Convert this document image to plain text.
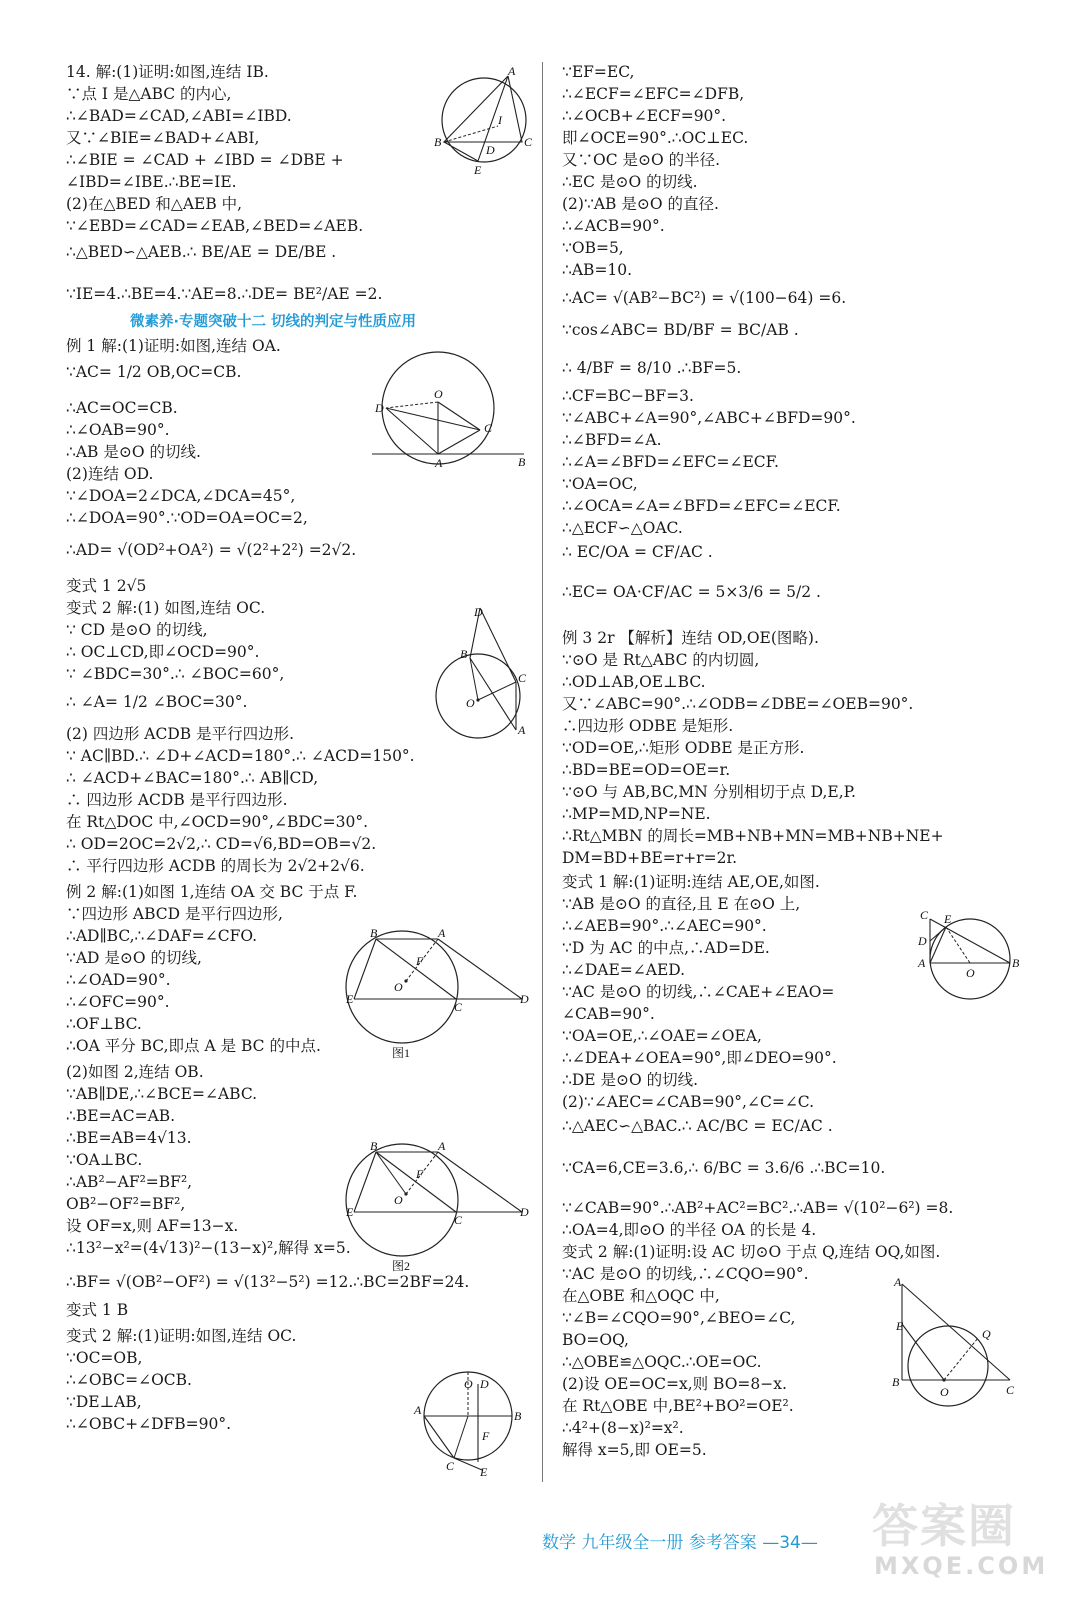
14. 解:(1)证明:如图,连结 IB.
∵点 I 是△ABC 的内心,
∴∠BAD=∠CAD,∠ABI=∠IBD.
又∵∠BIE=∠BAD+∠ABI,
∴∠BIE = ∠CAD + ∠IBD = ∠DBE +
∠IBD=∠IBE.∴BE=IE.
(2)在△BED 和△AEB 中,
∵∠EBD=∠CAD=∠EAB,∠BED=∠AEB.
∴△BED∽△AEB.∴ BE/AE = DE/BE .
∵IE=4.∴BE=4.∵AE=8.∴DE= BE²/AE =2.
微素养·专题突破十二 切线的判定与性质应用
例 1 解:(1)证明:如图,连结 OA.
∵AC= 1/2 OB,OC=CB.
∴AC=OC=CB.
∴∠OAB=90°.
∴AB 是⊙O 的切线.
(2)连结 OD.
∵∠DOA=2∠DCA,∠DCA=45°,
∴∠DOA=90°.∵OD=OA=OC=2,
∴AD= √(OD²+OA²) = √(2²+2²) =2√2.
变式 1 2√5
变式 2 解:(1) 如图,连结 OC.
∵ CD 是⊙O 的切线,
∴ OC⊥CD,即∠OCD=90°.
∵ ∠BDC=30°.∴ ∠BOC=60°,
∴ ∠A= 1/2 ∠BOC=30°.
(2) 四边形 ACDB 是平行四边形.
∵ AC∥BD.∴ ∠D+∠ACD=180°.∴ ∠ACD=150°.
∴ ∠ACD+∠BAC=180°.∴ AB∥CD,
∴ 四边形 ACDB 是平行四边形.
在 Rt△DOC 中,∠OCD=90°,∠BDC=30°.
∴ OD=2OC=2√2,∴ CD=√6,BD=OB=√2.
∴ 平行四边形 ACDB 的周长为 2√2+2√6.
例 2 解:(1)如图 1,连结 OA 交 BC 于点 F.
∵四边形 ABCD 是平行四边形,
∴AD∥BC,∴∠DAF=∠CFO.
∵AD 是⊙O 的切线,
∴∠OAD=90°.
∴∠OFC=90°.
∴OF⊥BC.
∴OA 平分 BC,即点 A 是 BC 的中点.
(2)如图 2,连结 OB.
∵AB∥DE,∴∠BCE=∠ABC.
∴BE=AC=AB.
∴BE=AB=4√13.
∵OA⊥BC.
∴AB²−AF²=BF²,
OB²−OF²=BF²,
设 OF=x,则 AF=13−x.
∴13²−x²=(4√13)²−(13−x)²,解得 x=5.
∴BF= √(OB²−OF²) = √(13²−5²) =12.∴BC=2BF=24.
变式 1 B
变式 2 解:(1)证明:如图,连结 OC.
∵OC=OB,
∴∠OBC=∠OCB.
∵DE⊥AB,
∴∠OBC+∠DFB=90°.
∵EF=EC,
∴∠ECF=∠EFC=∠DFB,
∴∠OCB+∠ECF=90°.
即∠OCE=90°.∴OC⊥EC.
又∵OC 是⊙O 的半径.
∴EC 是⊙O 的切线.
(2)∵AB 是⊙O 的直径.
∴∠ACB=90°.
∵OB=5,
∴AB=10.
∴AC= √(AB²−BC²) = √(100−64) =6.
∵cos∠ABC= BD/BF = BC/AB .
∴ 4/BF = 8/10 .∴BF=5.
∴CF=BC−BF=3.
∵∠ABC+∠A=90°,∠ABC+∠BFD=90°.
∴∠BFD=∠A.
∴∠A=∠BFD=∠EFC=∠ECF.
∵OA=OC,
∴∠OCA=∠A=∠BFD=∠EFC=∠ECF.
∴△ECF∽△OAC.
∴ EC/OA = CF/AC .
∴EC= OA·CF/AC = 5×3/6 = 5/2 .
例 3 2r 【解析】连结 OD,OE(图略).
∵⊙O 是 Rt△ABC 的内切圆,
∴OD⊥AB,OE⊥BC.
又∵∠ABC=90°.∴∠ODB=∠DBE=∠OEB=90°.
∴四边形 ODBE 是矩形.
∵OD=OE,∴矩形 ODBE 是正方形.
∴BD=BE=OD=OE=r.
∵⊙O 与 AB,BC,MN 分别相切于点 D,E,P.
∴MP=MD,NP=NE.
∴Rt△MBN 的周长=MB+NB+MN=MB+NB+NE+
DM=BD+BE=r+r=2r.
变式 1 解:(1)证明:连结 AE,OE,如图.
∵AB 是⊙O 的直径,且 E 在⊙O 上,
∴∠AEB=90°.∴∠AEC=90°.
∵D 为 AC 的中点,∴AD=DE.
∴∠DAE=∠AED.
∵AC 是⊙O 的切线,∴∠CAE+∠EAO=
∠CAB=90°.
∵OA=OE,∴∠OAE=∠OEA,
∴∠DEA+∠OEA=90°,即∠DEO=90°.
∴DE 是⊙O 的切线.
(2)∵∠AEC=∠CAB=90°,∠C=∠C.
∴△AEC∽△BAC.∴ AC/BC = EC/AC .
∵CA=6,CE=3.6,∴ 6/BC = 3.6/6 .∴BC=10.
∵∠CAB=90°.∴AB²+AC²=BC².∴AB= √(10²−6²) =8.
∴OA=4,即⊙O 的半径 OA 的长是 4.
变式 2 解:(1)证明:设 AC 切⊙O 于点 Q,连结 OQ,如图.
∵AC 是⊙O 的切线,∴∠CQO=90°.
在△OBE 和△OQC 中,
∵∠B=∠CQO=90°,∠BEO=∠C,
BO=OQ,
∴△OBE≌△OQC.∴OE=OC.
(2)设 OE=OC=x,则 BO=8−x.
在 Rt△OBE 中,BE²+BO²=OE².
∴4²+(8−x)²=x².
解得 x=5,即 OE=5.
A
B	C
D
E
I
D
O
C
A	B
D
B
C
O
A
B	A
F
O
E
C
D
图1
B	A
F
O
E
C
D
图2
O D
A	B
F
C E
C E
D
A
O
B
A
E
Q
B
O	C
数学 九年级全一册 参考答案 —34— 答案圈
MXQE.COM
